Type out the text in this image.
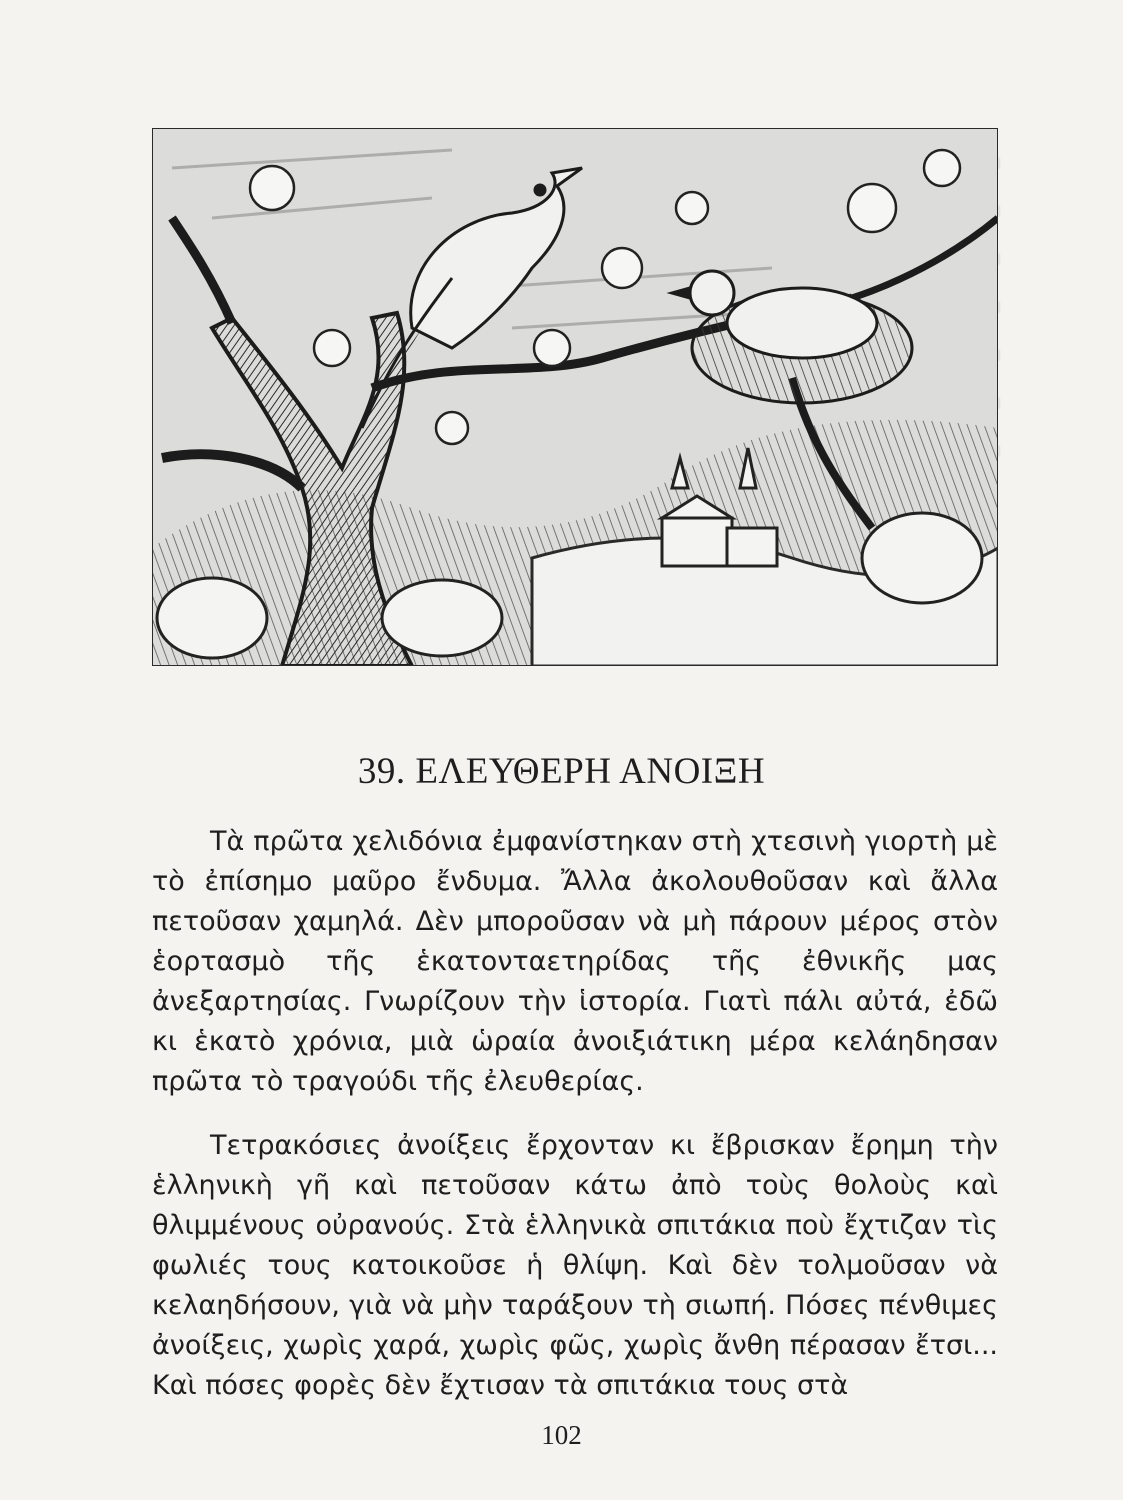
39. ΕΛΕΥΘΕΡΗ ΑΝΟΙΞΗ

Τὰ πρῶτα χελιδόνια ἐμφανίστηκαν στὴ χτεσινὴ γιορτὴ μὲ τὸ ἐπίσημο μαῦρο ἔνδυμα. Ἄλλα ἀκολουθοῦσαν καὶ ἄλλα πετοῦσαν χαμηλά. Δὲν μποροῦσαν νὰ μὴ πάρουν μέρος στὸν ἑορτασμὸ τῆς ἑκατονταετηρίδας τῆς ἐθνικῆς μας ἀνεξαρτησίας. Γνωρίζουν τὴν ἱστορία. Γιατὶ πάλι αὐτά, ἐδῶ κι ἑκατὸ χρόνια, μιὰ ὡραία ἀνοιξιάτικη μέρα κελάηδησαν πρῶτα τὸ τραγούδι τῆς ἐλευθερίας.

Τετρακόσιες ἀνοίξεις ἔρχονταν κι ἔβρισκαν ἔρημη τὴν ἑλληνικὴ γῆ καὶ πετοῦσαν κάτω ἀπὸ τοὺς θολοὺς καὶ θλιμμένους οὐρανούς. Στὰ ἑλληνικὰ σπιτάκια ποὺ ἔχτιζαν τὶς φωλιές τους κατοικοῦσε ἡ θλίψη. Καὶ δὲν τολμοῦσαν νὰ κελαηδήσουν, γιὰ νὰ μὴν ταράξουν τὴ σιωπή. Πόσες πένθιμες ἀνοίξεις, χωρὶς χαρά, χωρὶς φῶς, χωρὶς ἄνθη πέρασαν ἔτσι... Καὶ πόσες φορὲς δὲν ἔχτισαν τὰ σπιτάκια τους στὰ

102
